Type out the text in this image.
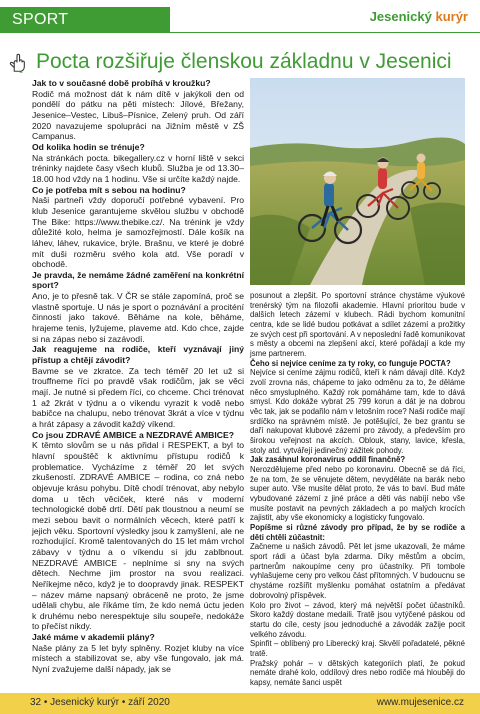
SPORT	Jesenický kurýr
Pocta rozšiřuje členskou základnu v Jesenici

Jak to v současné době probíhá v kroužku?

Rodič má možnost dát k nám dítě v jakýkoli den od pondělí do pátku na pěti místech: Jílové, Břežany, Jesenice–Vestec, Libuš–Písnice, Zelený pruh. Od září 2020 navazujeme spolupráci na Jižním městě v ZŠ Campanus.

Od kolika hodin se trénuje?

Na stránkách pocta. bikegallery.cz v horní liště v sekci tréninky najdete časy všech klubů. Služba je od 13.30–18.00 hod vždy na 1 hodinu. Vše si určíte každý najde.

Co je potřeba mít s sebou na hodinu?

Naši partneři vždy doporučí potřebné vybavení. Pro klub Jesenice garantujeme skvělou službu v obchodě The Bike: https://www.thebike.cz/. Na trénink je vždy důležité kolo, helma je samozřejmostí. Dále košík na láhev, láhev, rukavice, brýle. Brašnu, ve které je dobré mít duši rozměru svého kola atd. Vše poradí v obchodě.

Je pravda, že nemáme žádné zaměření na konkrétní sport?

Ano, je to přesně tak. V ČR se stále zapomíná, proč se vlastně sportuje. U nás je sport o poznávání a prociténí činnosti jako takové. Běháme na kole, běháme, hrajeme tenis, lyžujeme, plaveme atd. Kdo chce, zajde si na zápas nebo si zazávodí.

Jak reagujeme na rodiče, kteří vyznávají jiný přístup a chtějí závodit?

Bavme se ve zkratce. Za tech téměř 20 let už si trouffneme říci po pravdě však rodičům, jak se věci mají. Je nutné si předem říci, co chceme. Chci trénovat 1 až 2krát v týdnu a o víkendu vyrazit k vodě nebo babičce na chalupu, nebo trénovat 3krát a více v týdnu a hrát zápasy a závodit každý víkend.

Co jsou ZDRAVÉ AMBICE a NEZDRAVÉ AMBICE?

K těmto slovům se u nás přidal i RESPEKT, a byl to hlavní spouštěč k aktivnímu přístupu rodičů k problematice. Vycházíme z téměř 20 let svých zkušeností. ZDRAVÉ AMBICE – rodina, co zná nebo objevuje krásu pohybu. Dítě chodí trénovat, aby nebylo doma u těch věciček, které nás v moderní technologické době drtí. Dětí pak tloustnou a neumí se mezi sebou bavit o normálních věcech, které patří k jejich věku. Sportovní výsledky jsou k zamyšlení, ale ne rozhodující. Kromě talentovaných do 15 let mám vrchol zábavy v týdnu a o víkendu si jdu zablbnout. NEZDRAVÉ AMBICE - neplníme si sny na svých dětech. Nechme jim prostor na svou realizaci. Neříkejme něco, když je to doopravdy jinak. RESPEKT – název máme napsaný obráceně ne proto, že jsme udělali chybu, ale říkáme tím, že kdo nemá úctu jeden k druhému nebo nerespektuje silu soupeře, nedokáže to přečíst nikdy.

Jaké máme v akademii plány?

Naše plány za 5 let byly splněny. Rozjet kluby na více místech a stabilizovat se, aby vše fungovalo, jak má. Nyní zvažujeme další nápady, jak se

posunout a zlepšit. Po sportovní stránce chystáme výukové trenérský tým na filozofii akademie. Hlavní prioritou bude v dalších letech zázemí v klubech. Rádi bychom komunitní centra, kde se lidé budou potkávat a sdílet zázemí a prožitky ze svých cest při sportování. A v neposlední řadě komunikovat s městy a obcemi na zlepšení akcí, které pořádají a kde my jsme partnerem.

Čeho si nejvíce ceníme za ty roky, co funguje POCTA?

Nejvíce si ceníme zájmu rodičů, kteří k nám dávají dítě. Když zvolí zrovna nás, chápeme to jako odměnu za to, že děláme něco smysluplného. Každý rok pomáháme tam, kde to dává smysl. Kdo dokáže vybrat 25 799 korun a dát je na dobrou věc tak, jak se podařilo nám v letošním roce? Naši rodiče mají srdíčko na správném místě. Je potěšující, že bez grantu se daří nakupovat klubové zázemí pro závody, a především pro širokou veřejnost na akcích. Oblouk, stany, lavice, křesla, stoly atd. vytvářejí jedinečný zážitek pohody.

Jak zasáhnul koronavirus oddíl finančně?

Nerozdělujeme před nebo po koronaviru. Obecně se dá říci, že na tom, že se věnujete dětem, nevyděláte na barák nebo super auto. Vše musíte dělat proto, že vás to baví. Bud máte vybudované zázemí z jiné práce a děti vás nabíjí nebo vše musíte postavit na pevných základech a po malých krocích zajistit, aby vše ekonomicky a logisticky fungovalo.

Popíšme si různé závody pro případ, že by se rodiče a děti chtěli zúčastnit:

Začneme u našich závodů. Pět let jsme ukazovali, že máme sport rádi a účast byla zdarma. Díky městům a obcím, partnerům nakoupíme ceny pro účastníky. Při tombole vyhlašujeme ceny pro velkou část přítomných. V budoucnu se chystáme rozšířit myšlenku pomáhat ostatním a předávat dobrovolný příspěvek.

Kolo pro život – závod, který má největší počet účastníků. Skoro každý dostane medaili. Tratě jsou vytýčené páskou od startu do cíle, cesty jsou jednoduché a závodák zažije pocit velkého závodu.

Spinfit – oblíbený pro Liberecký kraj. Skvělí pořadatelé, pěkné tratě.

Pražský pohár – v dětských kategoriích platí, že pokud nemáte drahé kolo, oddílový dres nebo rodiče má hlouběji do kapsy, nemáte šanci uspět

32 • Jesenický kurýr • září 2020	www.mujesenice.cz
